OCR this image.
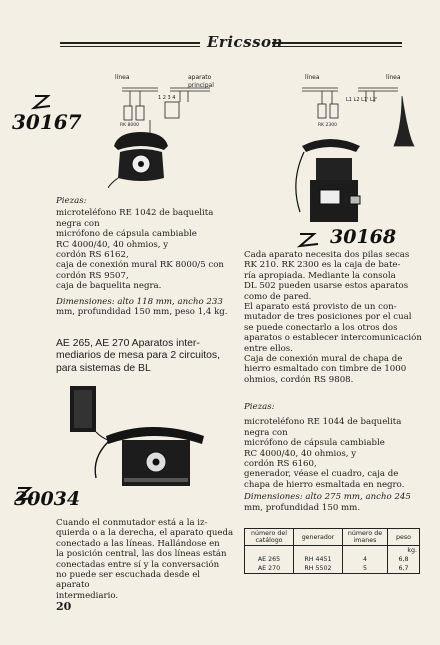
Ericsson
línea	aparato
principal
1 2 3 4
RK 8000
30167
30168
30034
línea	línea
L1 L2 L1' L2'
RK 2300

Piezas:

microteléfono RE 1042 de baquelita

negra con

micrófono de cápsula cambiable

RC 4000/40, 40 ohmios, y

cordón RS 6162,

caja de conexión mural RK 8000/5 con

cordón RS 9507,

caja de baquelita negra.

Dimensiones: alto 118 mm, ancho 233

mm, profundidad 150 mm, peso 1,4 kg.

AE 265, AE 270 Aparatos inter-
mediarios de mesa para 2 circuitos,
para sistemas de BL

Cuando el conmutador está a la iz-

quierda o a la derecha, el aparato queda

conectado a las líneas. Hallándose en

la posición central, las dos líneas están

conectadas entre sí y la conversación

no puede ser escuchada desde el aparato

intermediario.

20

Cada aparato necesita dos pilas secas

RK 210. RK 2300 es la caja de bate-

ría apropiada. Mediante la consola

DL 502 pueden usarse estos aparatos

como de pared.

El aparato está provisto de un con-

mutador de tres posiciones por el cual

se puede conectarlo a los otros dos

aparatos o establecer intercomunicación

entre ellos.

Caja de conexión mural de chapa de

hierro esmaltado con timbre de 1000

ohmios, cordón RS 9808.

Piezas:

microteléfono RE 1044 de baquelita

negra con

micrófono de cápsula cambiable

RC 4000/40, 40 ohmios, y

cordón RS 6160,

generador, véase el cuadro, caja de

chapa de hierro esmaltada en negro.

Dimensiones: alto 275 mm, ancho 245

mm, profundidad 150 mm.

número del catálogo	generador	número de imanes	peso
			kg.
AE 265	RH 4451	4	6,8
AE 270	RH 5502	5	6,7
